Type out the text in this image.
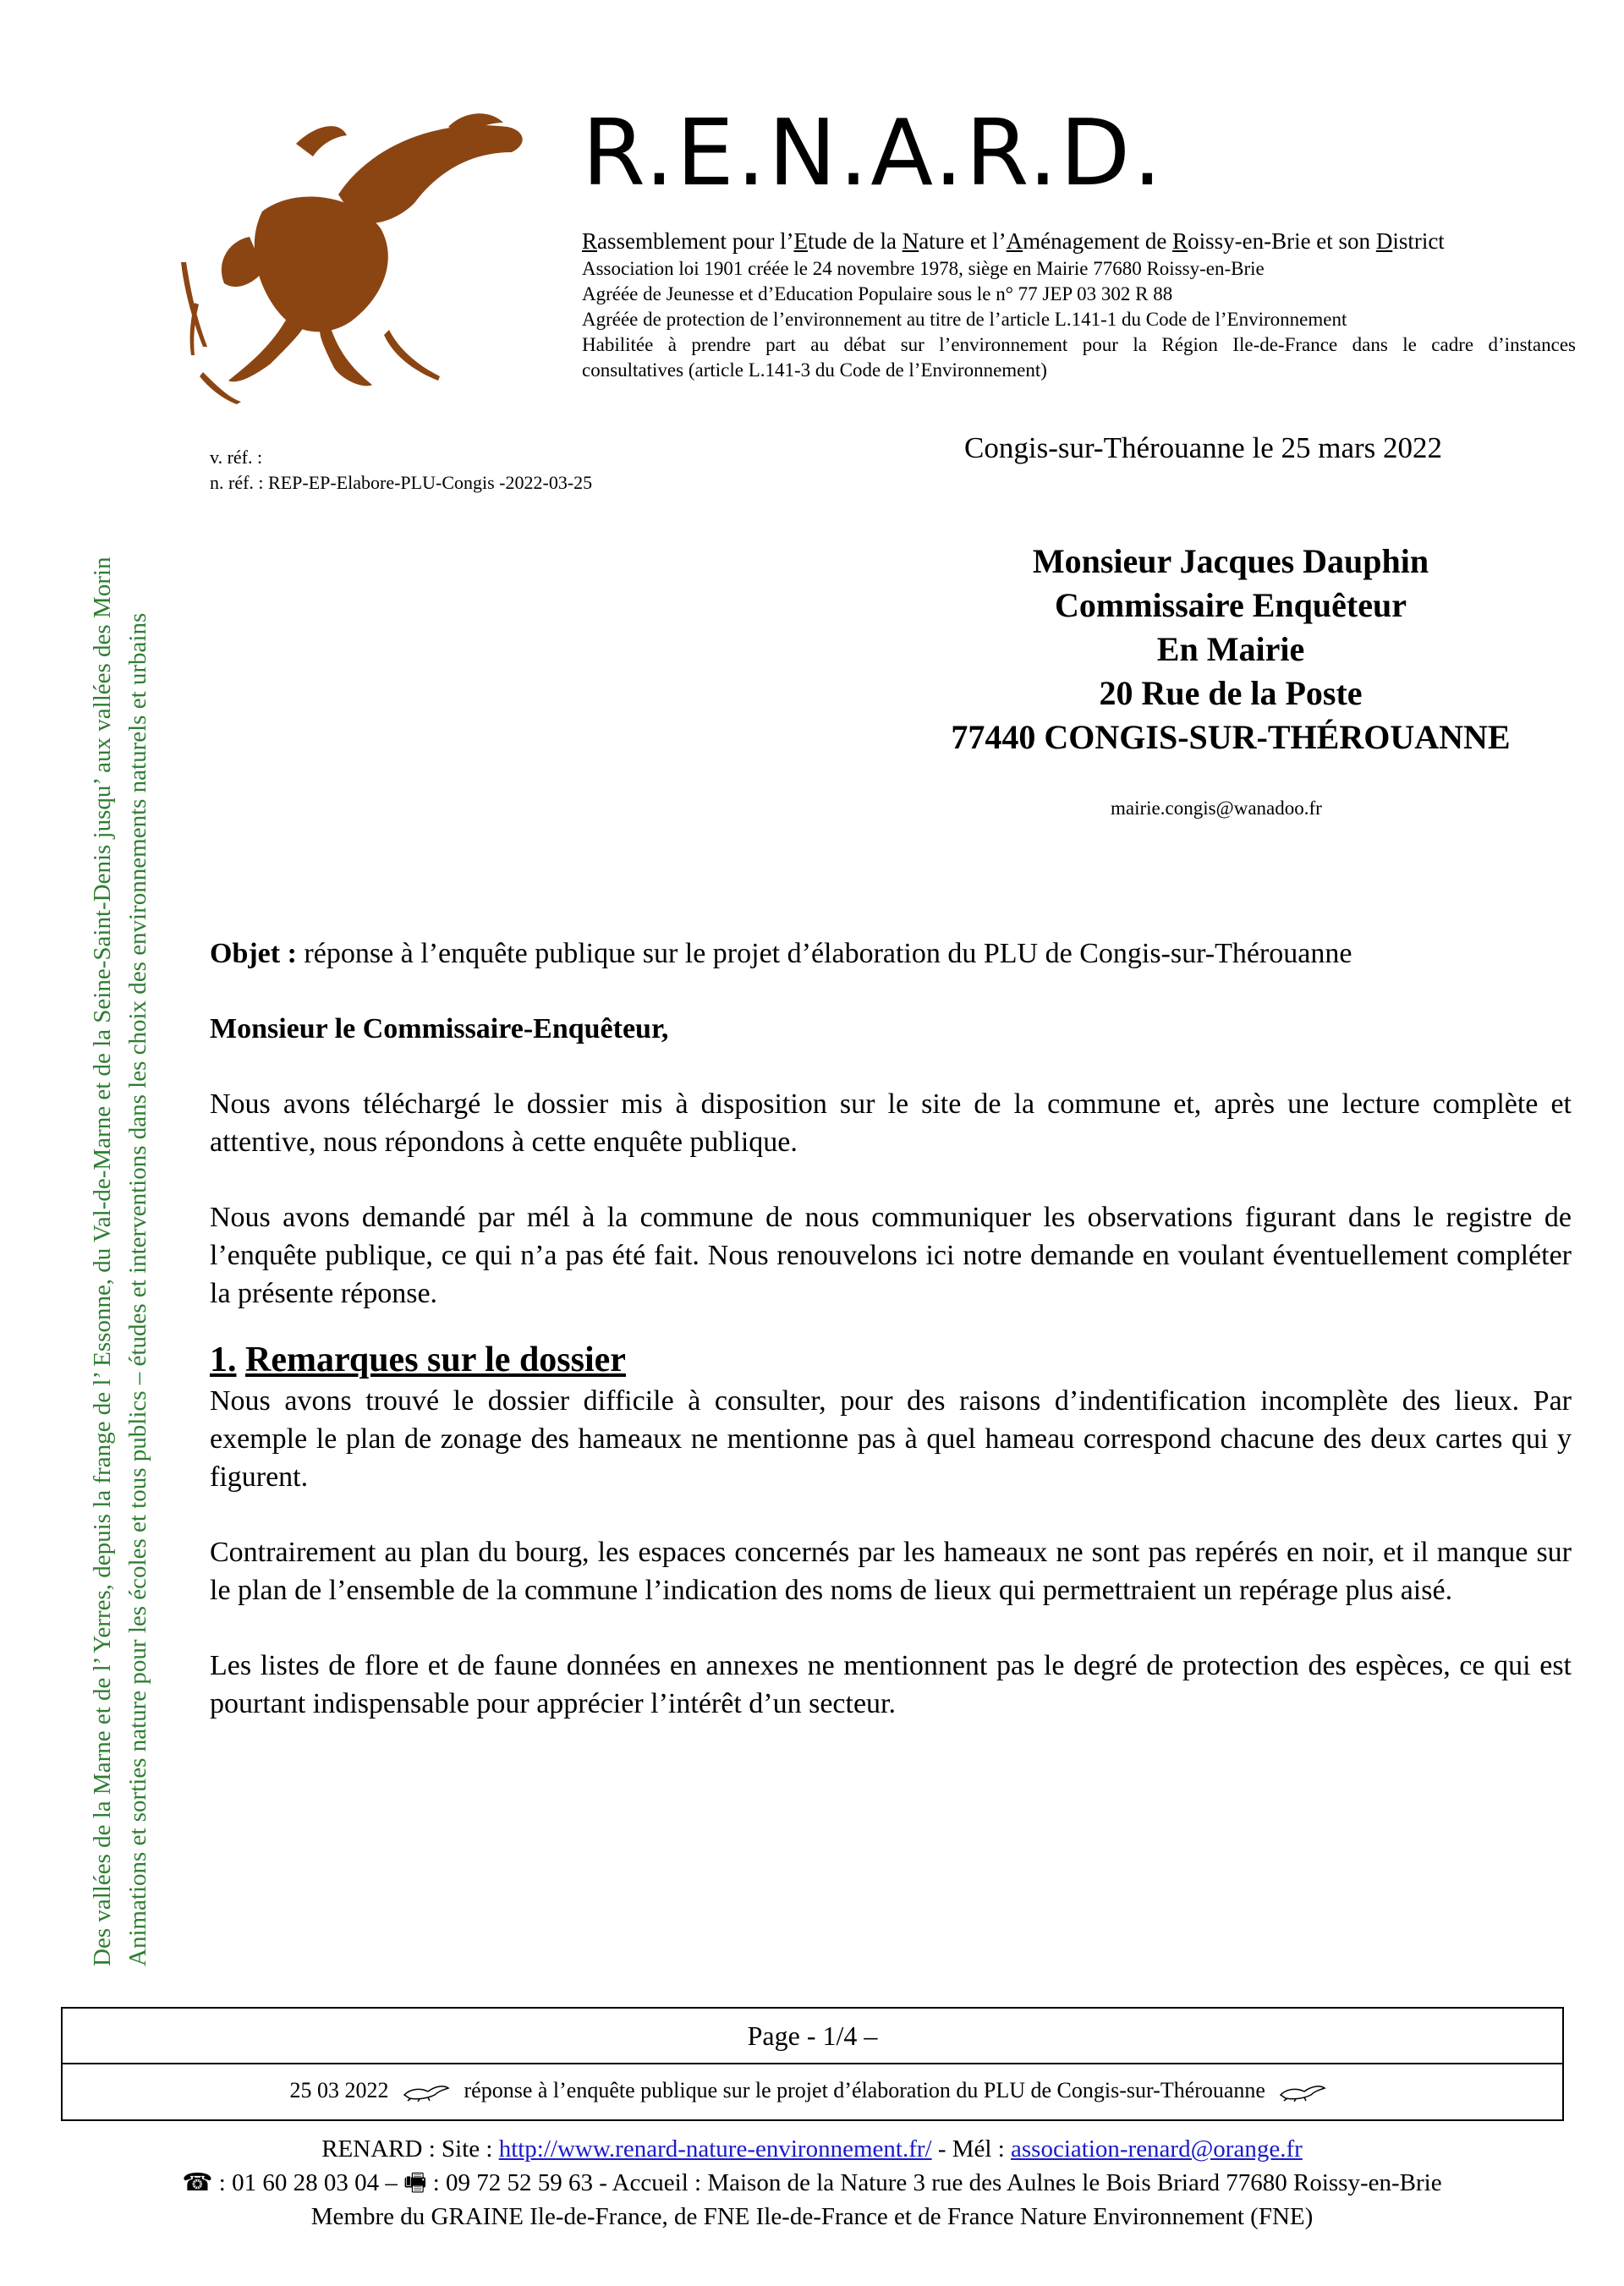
R.E.N.A.R.D.
Rassemblement pour l’Etude de la Nature et l’Aménagement de Roissy-en-Brie et son District
Association loi 1901 créée le 24 novembre 1978, siège en Mairie 77680 Roissy-en-Brie
Agréée de Jeunesse et d’Education Populaire sous le n° 77 JEP 03 302 R 88
Agréée de protection de l’environnement au titre de l’article L.141-1 du Code de l’Environnement
Habilitée à prendre part au débat sur l’environnement pour la Région Ile-de-France dans le cadre d’instances
consultatives (article L.141-3 du Code de l’Environnement)
Des vallées de la Marne et de l’ Yerres, depuis la frange de l’ Essonne, du Val-de-Marne et de la Seine-Saint-Denis jusqu’ aux vallées des Morin Animations et sorties nature pour les écoles et tous publics – études et interventions dans les choix des environnements naturels et urbains
v. réf. :
n. réf. : REP-EP-Elabore-PLU-Congis -2022-03-25
Congis-sur-Thérouanne le 25 mars 2022
Monsieur Jacques Dauphin
Commissaire Enquêteur
En Mairie
20 Rue de la Poste
77440 CONGIS-SUR-THÉROUANNE
mairie.congis@wanadoo.fr

Objet : réponse à l’enquête publique sur le projet d’élaboration du PLU de Congis-sur-Thérouanne

Monsieur le Commissaire-Enquêteur,

Nous avons téléchargé le dossier mis à disposition sur le site de la commune et, après une lecture complète et attentive, nous répondons à cette enquête publique.

Nous avons demandé par mél à la commune de nous communiquer les observations figurant dans le registre de l’enquête publique, ce qui n’a pas été fait. Nous renouvelons ici notre demande en voulant éventuellement compléter la présente réponse.

1. Remarques sur le dossier

Nous avons trouvé le dossier difficile à consulter, pour des raisons d’indentification incomplète des lieux. Par exemple le plan de zonage des hameaux ne mentionne pas à quel hameau correspond chacune des deux cartes qui y figurent.

Contrairement au plan du bourg, les espaces concernés par les hameaux ne sont pas repérés en noir, et il manque sur le plan de l’ensemble de la commune l’indication des noms de lieux qui permettraient un repérage plus aisé.

Les listes de flore et de faune données en annexes ne mentionnent pas le degré de protection des espèces, ce qui est pourtant indispensable pour apprécier l’intérêt d’un secteur.

Page - 1/4 –
25 03 2022	réponse à l’enquête publique sur le projet d’élaboration du PLU de Congis-sur-Thérouanne
RENARD : Site : http://www.renard-nature-environnement.fr/ - Mél : association-renard@orange.fr
☎ : 01 60 28 03 04 – 🖷 : 09 72 52 59 63 - Accueil : Maison de la Nature 3 rue des Aulnes le Bois Briard 77680 Roissy-en-Brie
Membre du GRAINE Ile-de-France, de FNE Ile-de-France et de France Nature Environnement (FNE)
